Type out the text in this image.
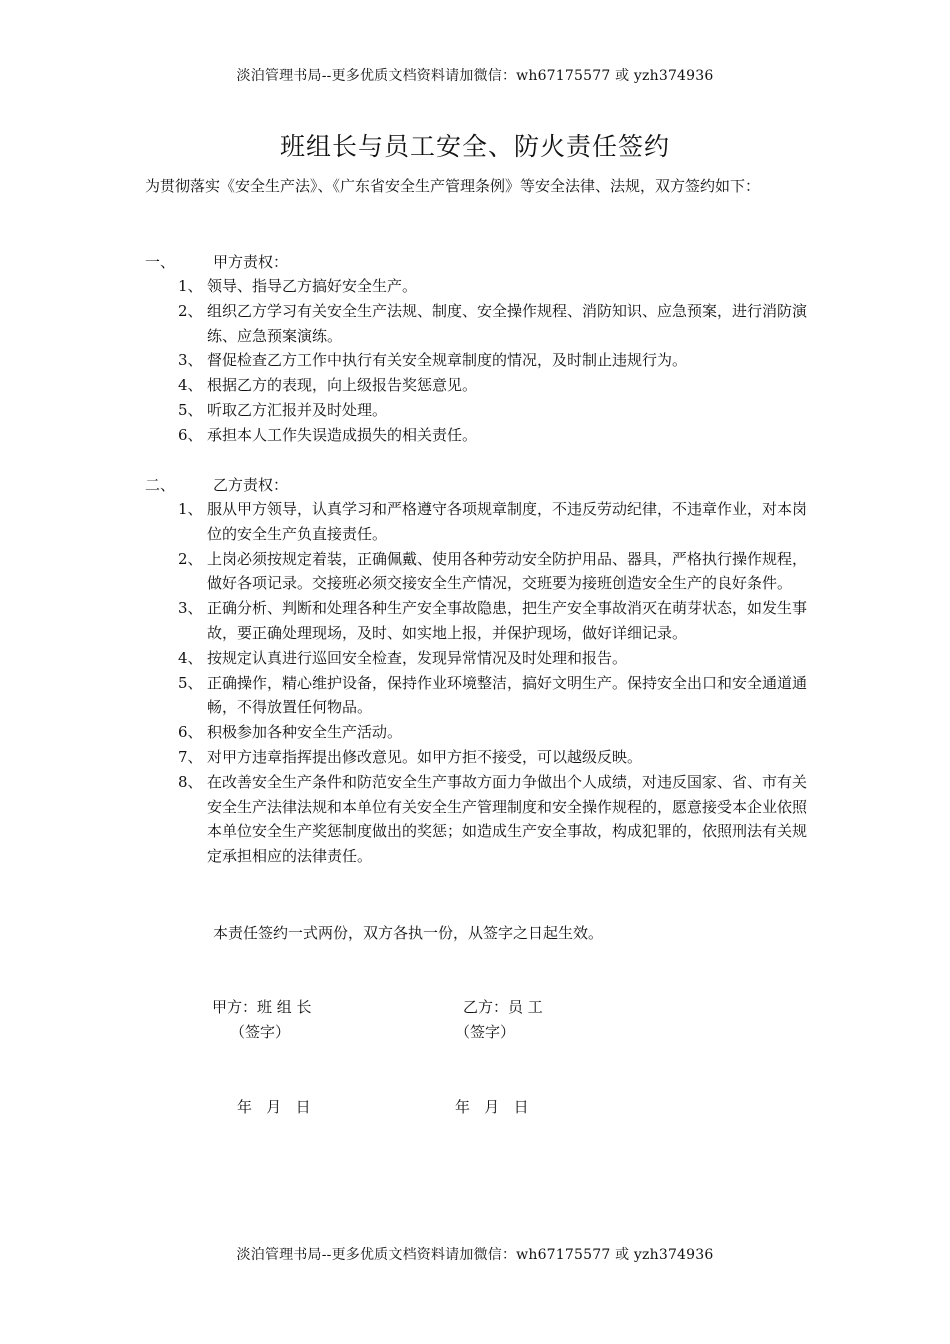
淡泊管理书局--更多优质文档资料请加微信：wh67175577 或 yzh374936
班组长与员工安全、防火责任签约
为贯彻落实《安全生产法》、《广东省安全生产管理条例》等安全法律、法规，双方签约如下：
一、	甲方责权：
1、 领导、指导乙方搞好安全生产。
2、 组织乙方学习有关安全生产法规、制度、安全操作规程、消防知识、应急预案，进行消防演练、应急预案演练。
3、 督促检查乙方工作中执行有关安全规章制度的情况，及时制止违规行为。
4、 根据乙方的表现，向上级报告奖惩意见。
5、 听取乙方汇报并及时处理。
6、 承担本人工作失误造成损失的相关责任。
二、	乙方责权：
1、 服从甲方领导，认真学习和严格遵守各项规章制度，不违反劳动纪律，不违章作业，对本岗位的安全生产负直接责任。
2、 上岗必须按规定着装，正确佩戴、使用各种劳动安全防护用品、器具，严格执行操作规程，做好各项记录。交接班必须交接安全生产情况，交班要为接班创造安全生产的良好条件。
3、 正确分析、判断和处理各种生产安全事故隐患，把生产安全事故消灭在萌芽状态，如发生事故，要正确处理现场，及时、如实地上报，并保护现场，做好详细记录。
4、 按规定认真进行巡回安全检查，发现异常情况及时处理和报告。
5、 正确操作，精心维护设备，保持作业环境整洁，搞好文明生产。保持安全出口和安全通道通畅，不得放置任何物品。
6、 积极参加各种安全生产活动。
7、 对甲方违章指挥提出修改意见。如甲方拒不接受，可以越级反映。
8、 在改善安全生产条件和防范安全生产事故方面力争做出个人成绩，对违反国家、省、市有关安全生产法律法规和本单位有关安全生产管理制度和安全操作规程的，愿意接受本企业依照本单位安全生产奖惩制度做出的奖惩；如造成生产安全事故，构成犯罪的，依照刑法有关规定承担相应的法律责任。
本责任签约一式两份，双方各执一份，从签字之日起生效。
甲方：班 组 长
（签字）
年   月   日
乙方：员 工
（签字）
年   月   日
淡泊管理书局--更多优质文档资料请加微信：wh67175577 或 yzh374936
